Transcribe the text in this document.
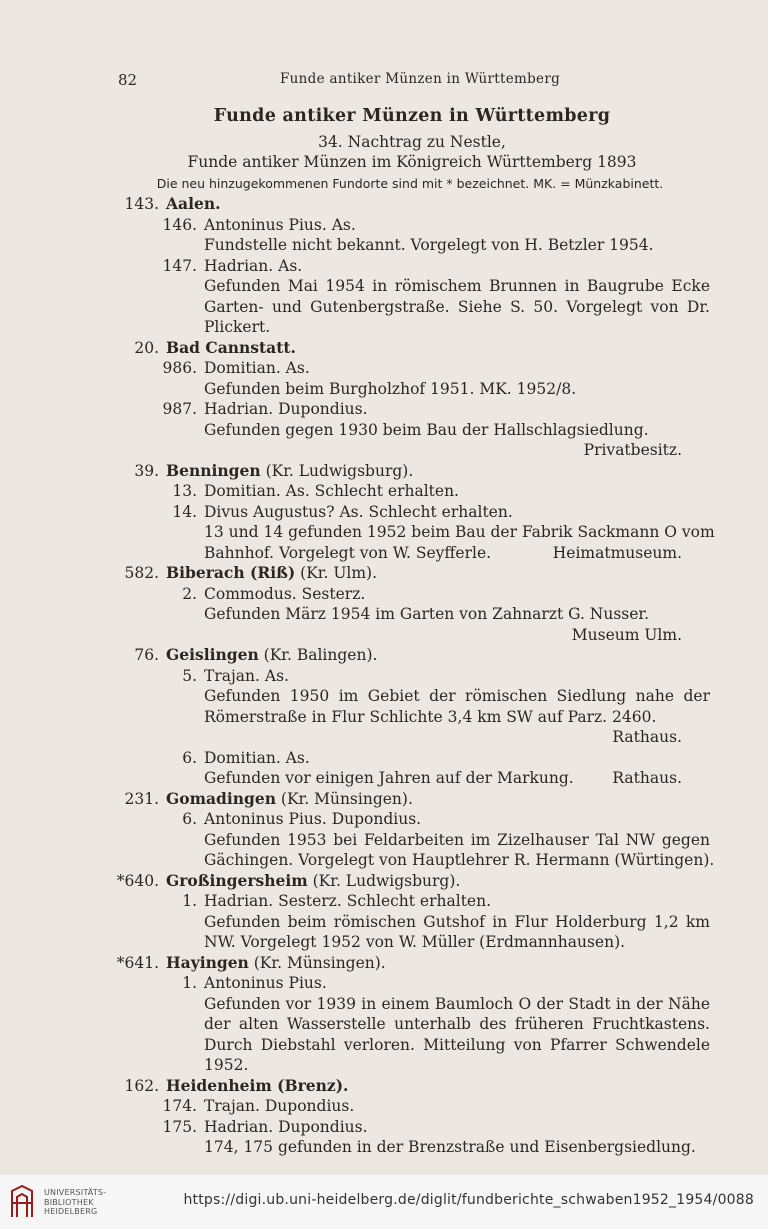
82	Funde antiker Münzen in Württemberg
Funde antiker Münzen in Württemberg
34. Nachtrag zu Nestle,
Funde antiker Münzen im Königreich Württemberg 1893
Die neu hinzugekommenen Fundorte sind mit * bezeichnet. MK. = Münzkabinett.
143. Aalen.
146. Antoninus Pius. As.
Fundstelle nicht bekannt. Vorgelegt von H. Betzler 1954.
147. Hadrian. As.
Gefunden Mai 1954 in römischem Brunnen in Baugrube Ecke
Garten- und Gutenbergstraße. Siehe S. 50. Vorgelegt von Dr.
Plickert.
20. Bad Cannstatt.
986. Domitian. As.
Gefunden beim Burgholzhof 1951. MK. 1952/8.
987. Hadrian. Dupondius.
Gefunden gegen 1930 beim Bau der Hallschlagsiedlung.
Privatbesitz.
39. Benningen (Kr. Ludwigsburg).
13. Domitian. As. Schlecht erhalten.
14. Divus Augustus? As. Schlecht erhalten.
13 und 14 gefunden 1952 beim Bau der Fabrik Sackmann O vom
Bahnhof. Vorgelegt von W. Seyfferle.	Heimatmuseum.
582. Biberach (Riß) (Kr. Ulm).
2. Commodus. Sesterz.
Gefunden März 1954 im Garten von Zahnarzt G. Nusser.
Museum Ulm.
76. Geislingen (Kr. Balingen).
5. Trajan. As.
Gefunden 1950 im Gebiet der römischen Siedlung nahe der
Römerstraße in Flur Schlichte 3,4 km SW auf Parz. 2460.
Rathaus.
6. Domitian. As.
Gefunden vor einigen Jahren auf der Markung. Rathaus.
231. Gomadingen (Kr. Münsingen).
6. Antoninus Pius. Dupondius.
Gefunden 1953 bei Feldarbeiten im Zizelhauser Tal NW gegen
Gächingen. Vorgelegt von Hauptlehrer R. Hermann (Würtingen).
*640. Großingersheim (Kr. Ludwigsburg).
1. Hadrian. Sesterz. Schlecht erhalten.
Gefunden beim römischen Gutshof in Flur Holderburg 1,2 km
NW. Vorgelegt 1952 von W. Müller (Erdmannhausen).
*641. Hayingen (Kr. Münsingen).
1. Antoninus Pius.
Gefunden vor 1939 in einem Baumloch O der Stadt in der Nähe
der alten Wasserstelle unterhalb des früheren Fruchtkastens.
Durch Diebstahl verloren. Mitteilung von Pfarrer Schwendele
1952.
162. Heidenheim (Brenz).
174. Trajan. Dupondius.
175. Hadrian. Dupondius.
174, 175 gefunden in der Brenzstraße und Eisenbergsiedlung.
UNIVERSITÄTS-
BIBLIOTHEK
HEIDELBERG
https://digi.ub.uni-heidelberg.de/diglit/fundberichte_schwaben1952_1954/0088
